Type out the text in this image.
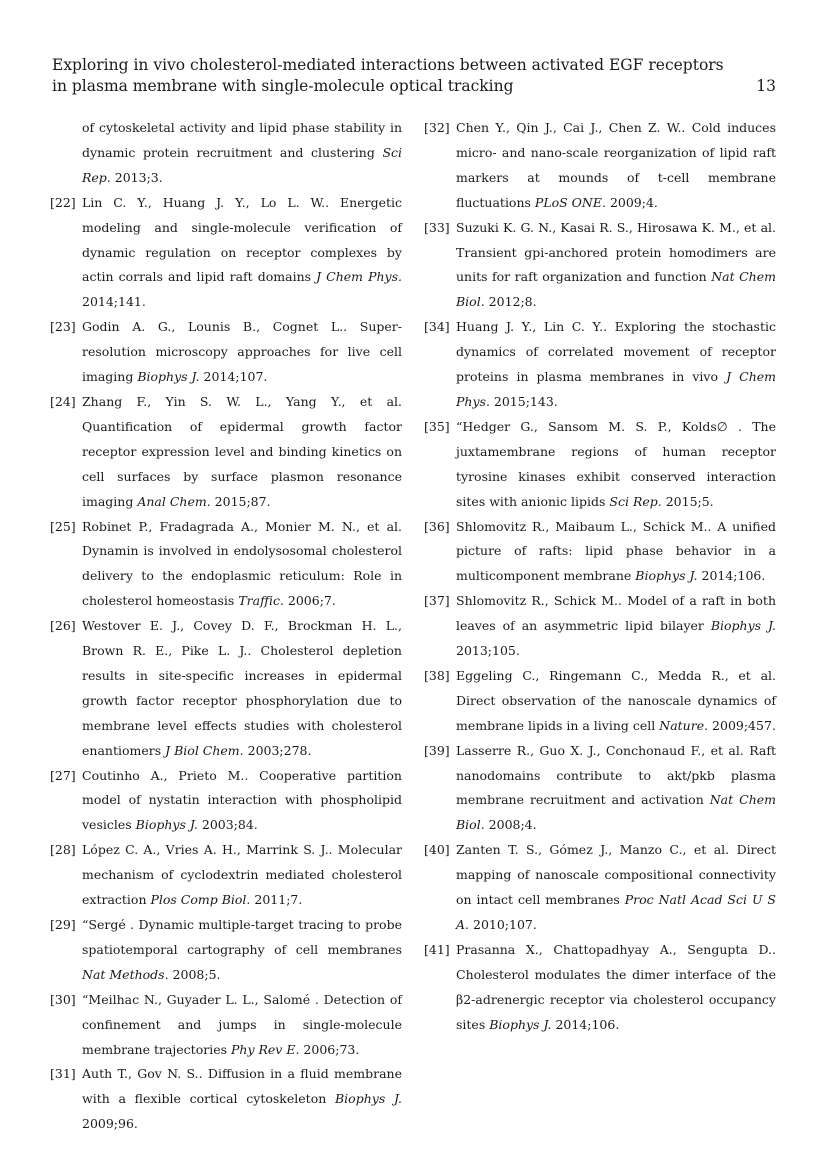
Exploring in vivo cholesterol-mediated interactions between activated EGF receptors in plasma membrane with single-molecule optical tracking	13
of cytoskeletal activity and lipid phase stability in dynamic protein recruitment and clustering Sci Rep. 2013;3.
[22] Lin C. Y., Huang J. Y., Lo L. W.. Energetic modeling and single-molecule verification of dynamic regulation on receptor complexes by actin corrals and lipid raft domains J Chem Phys. 2014;141.
[23] Godin A. G., Lounis B., Cognet L.. Super-resolution microscopy approaches for live cell imaging Biophys J. 2014;107.
[24] Zhang F., Yin S. W. L., Yang Y., et al. Quantification of epidermal growth factor receptor expression level and binding kinetics on cell surfaces by surface plasmon resonance imaging Anal Chem. 2015;87.
[25] Robinet P., Fradagrada A., Monier M. N., et al. Dynamin is involved in endolysosomal cholesterol delivery to the endoplasmic reticulum: Role in cholesterol homeostasis Traffic. 2006;7.
[26] Westover E. J., Covey D. F., Brockman H. L., Brown R. E., Pike L. J.. Cholesterol depletion results in site-specific increases in epidermal growth factor receptor phosphorylation due to membrane level effects studies with cholesterol enantiomers J Biol Chem. 2003;278.
[27] Coutinho A., Prieto M.. Cooperative partition model of nystatin interaction with phospholipid vesicles Biophys J. 2003;84.
[28] López C. A., Vries A. H., Marrink S. J.. Molecular mechanism of cyclodextrin mediated cholesterol extraction Plos Comp Biol. 2011;7.
[29] “Sergé . Dynamic multiple-target tracing to probe spatiotemporal cartography of cell membranes Nat Methods. 2008;5.
[30] “Meilhac N., Guyader L. L., Salomé . Detection of confinement and jumps in single-molecule membrane trajectories Phy Rev E. 2006;73.
[31] Auth T., Gov N. S.. Diffusion in a fluid membrane with a flexible cortical cytoskeleton Biophys J. 2009;96.
[32] Chen Y., Qin J., Cai J., Chen Z. W.. Cold induces micro- and nano-scale reorganization of lipid raft markers at mounds of t-cell membrane fluctuations PLoS ONE. 2009;4.
[33] Suzuki K. G. N., Kasai R. S., Hirosawa K. M., et al. Transient gpi-anchored protein homodimers are units for raft organization and function Nat Chem Biol. 2012;8.
[34] Huang J. Y., Lin C. Y.. Exploring the stochastic dynamics of correlated movement of receptor proteins in plasma membranes in vivo J Chem Phys. 2015;143.
[35] “Hedger G., Sansom M. S. P., Kolds∅ . The juxtamembrane regions of human receptor tyrosine kinases exhibit conserved interaction sites with anionic lipids Sci Rep. 2015;5.
[36] Shlomovitz R., Maibaum L., Schick M.. A unified picture of rafts: lipid phase behavior in a multicomponent membrane Biophys J. 2014;106.
[37] Shlomovitz R., Schick M.. Model of a raft in both leaves of an asymmetric lipid bilayer Biophys J. 2013;105.
[38] Eggeling C., Ringemann C., Medda R., et al. Direct observation of the nanoscale dynamics of membrane lipids in a living cell Nature. 2009;457.
[39] Lasserre R., Guo X. J., Conchonaud F., et al. Raft nanodomains contribute to akt/pkb plasma membrane recruitment and activation Nat Chem Biol. 2008;4.
[40] Zanten T. S., Gómez J., Manzo C., et al. Direct mapping of nanoscale compositional connectivity on intact cell membranes Proc Natl Acad Sci U S A. 2010;107.
[41] Prasanna X., Chattopadhyay A., Sengupta D.. Cholesterol modulates the dimer interface of the β2-adrenergic receptor via cholesterol occupancy sites Biophys J. 2014;106.
